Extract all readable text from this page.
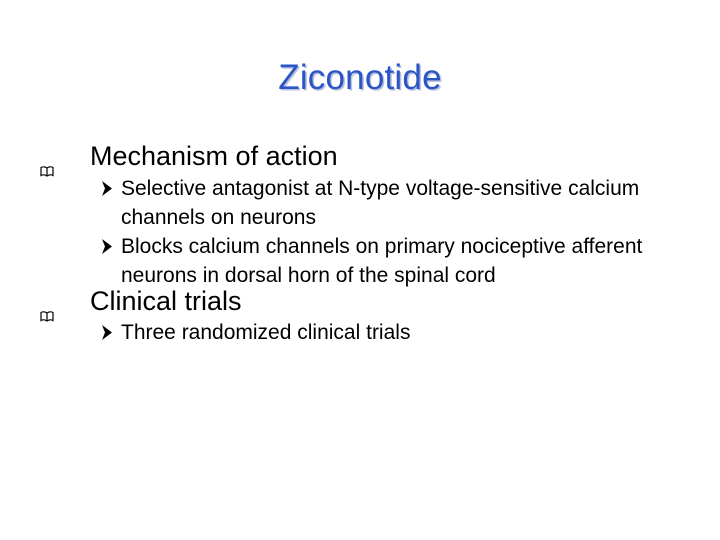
Ziconotide
Mechanism of action
Selective antagonist at N-type voltage-sensitive calcium channels on neurons
Blocks calcium channels on primary nociceptive afferent neurons in dorsal horn of the spinal cord
Clinical trials
Three randomized clinical trials
